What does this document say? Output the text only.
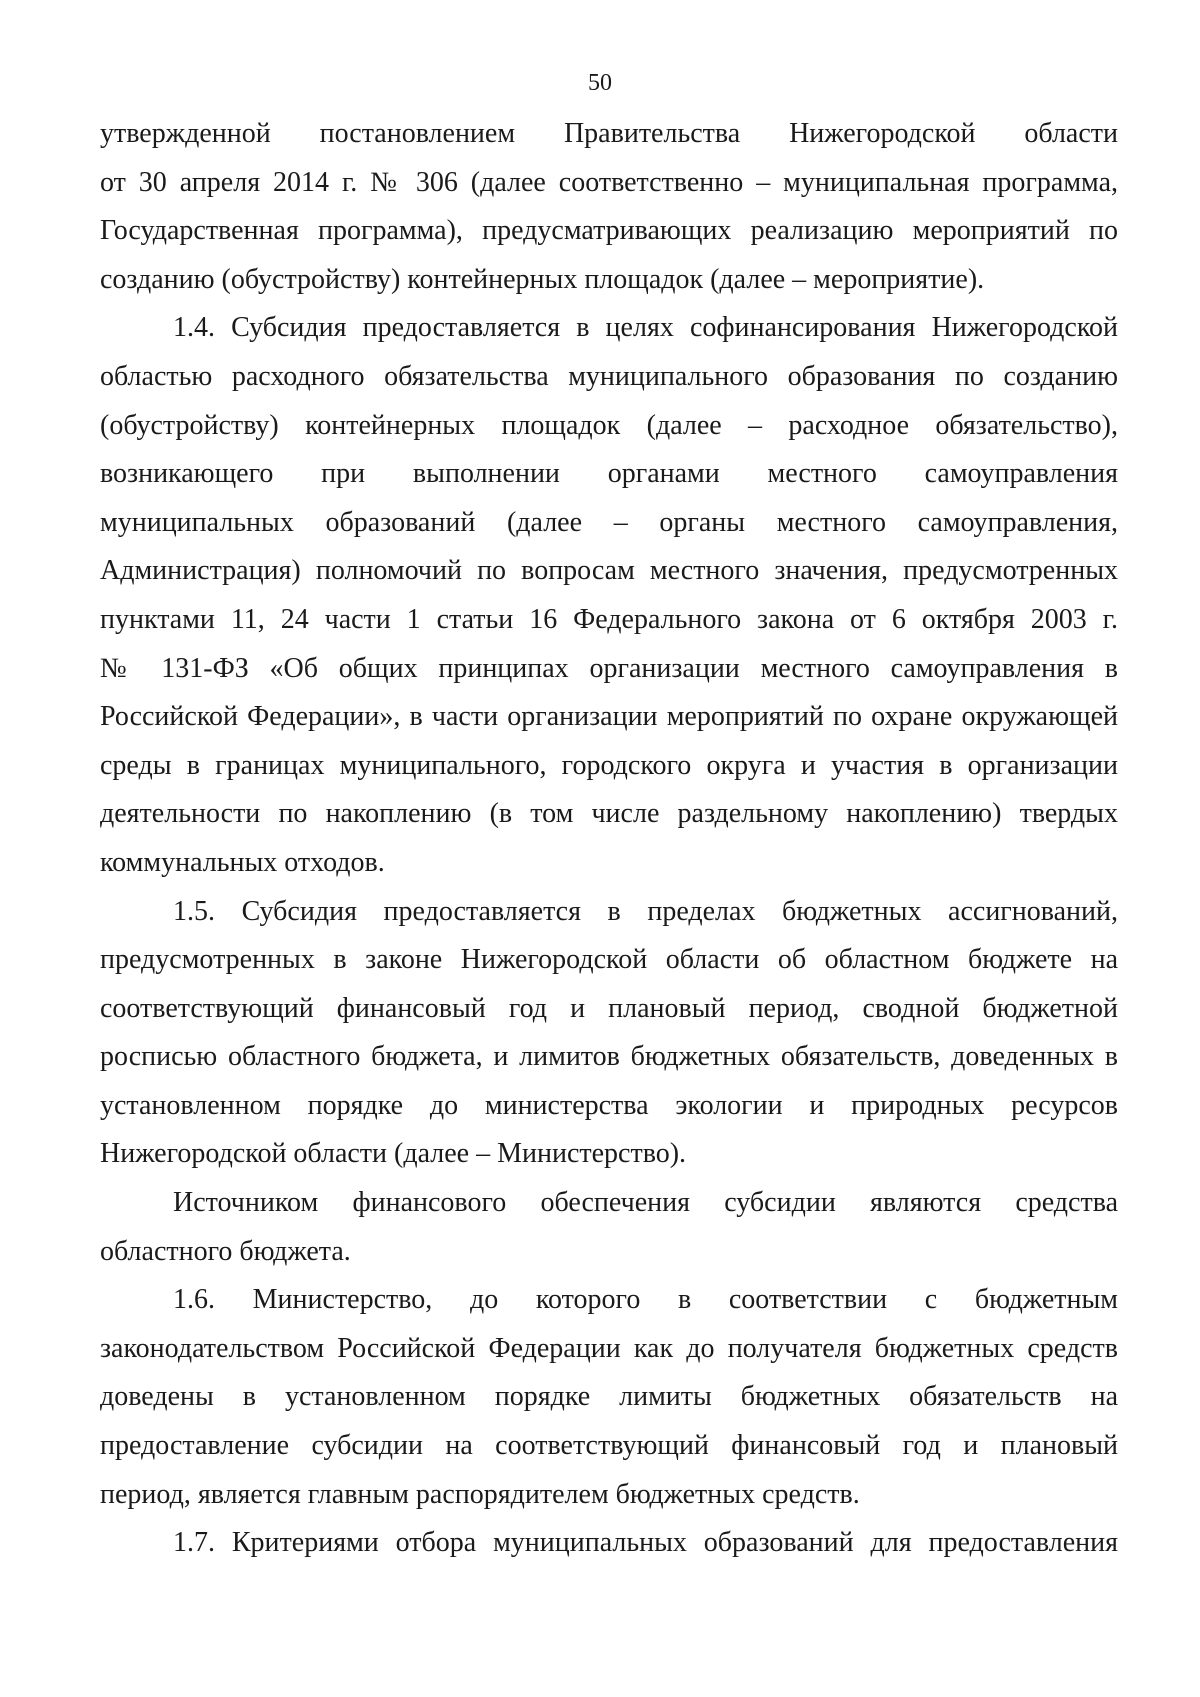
50
утвержденной постановлением Правительства Нижегородской области
от 30 апреля 2014 г. № 306 (далее соответственно – муниципальная программа,
Государственная программа), предусматривающих реализацию мероприятий по
созданию (обустройству) контейнерных площадок (далее – мероприятие).
1.4. Субсидия предоставляется в целях софинансирования Нижегородской
областью расходного обязательства муниципального образования по созданию
(обустройству) контейнерных площадок (далее – расходное обязательство),
возникающего при выполнении органами местного самоуправления
муниципальных образований (далее – органы местного самоуправления,
Администрация) полномочий по вопросам местного значения, предусмотренных
пунктами 11, 24 части 1 статьи 16 Федерального закона от 6 октября 2003 г.
№ 131-ФЗ «Об общих принципах организации местного самоуправления в
Российской Федерации», в части организации мероприятий по охране окружающей
среды в границах муниципального, городского округа и участия в организации
деятельности по накоплению (в том числе раздельному накоплению) твердых
коммунальных отходов.
1.5. Субсидия предоставляется в пределах бюджетных ассигнований,
предусмотренных в законе Нижегородской области об областном бюджете на
соответствующий финансовый год и плановый период, сводной бюджетной
росписью областного бюджета, и лимитов бюджетных обязательств, доведенных в
установленном порядке до министерства экологии и природных ресурсов
Нижегородской области (далее – Министерство).
Источником финансового обеспечения субсидии являются средства
областного бюджета.
1.6. Министерство, до которого в соответствии с бюджетным
законодательством Российской Федерации как до получателя бюджетных средств
доведены в установленном порядке лимиты бюджетных обязательств на
предоставление субсидии на соответствующий финансовый год и плановый
период, является главным распорядителем бюджетных средств.
1.7. Критериями отбора муниципальных образований для предоставления
